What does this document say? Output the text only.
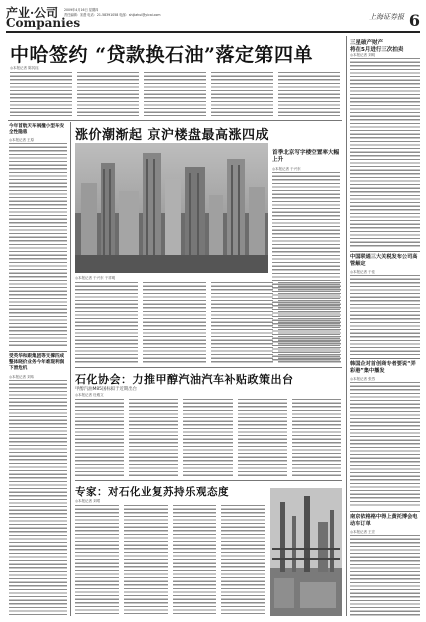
产业·公司
Companies
2009年4月16日 星期四
责任编辑：宋澄 电话：21-58391058 电邮：shijiahui@yicai.com	上海证券报 6
中哈签约 “贷款换石油”落定第四单
◎本报记者 陈其珏
三星破产财产
将在5月进行三次拍卖
◎本报记者 刘明
中国联通三大关税发布公司高管解定
◎本报记者 于佳
韩国企对首创商专者要说“弄彩港”集中播发
◎本报记者 张烈
南京依格格中得上黄托博会电动车订单
◎本报记者 王宏
今年首航天车祸撞小型车安全性隐患
◎本报记者 王原
受英华和跟集团等支撑四成整体晓价业务今年难现利润下滑危机
◎本报记者 刘玮
涨价潮渐起 京沪楼盘最高涨四成
首季北京写字楼空置率大幅上升
◎本报记者 于兴东
◎本报记者 于兴东 于祥明
石化协会：力推甲醇汽油汽车补贴政策出台
甲醇汽油M85国标拟于近期出台
◎本报记者 杜雅文
专家：对石化业复苏持乐观态度
◎本报记者 刘珺
